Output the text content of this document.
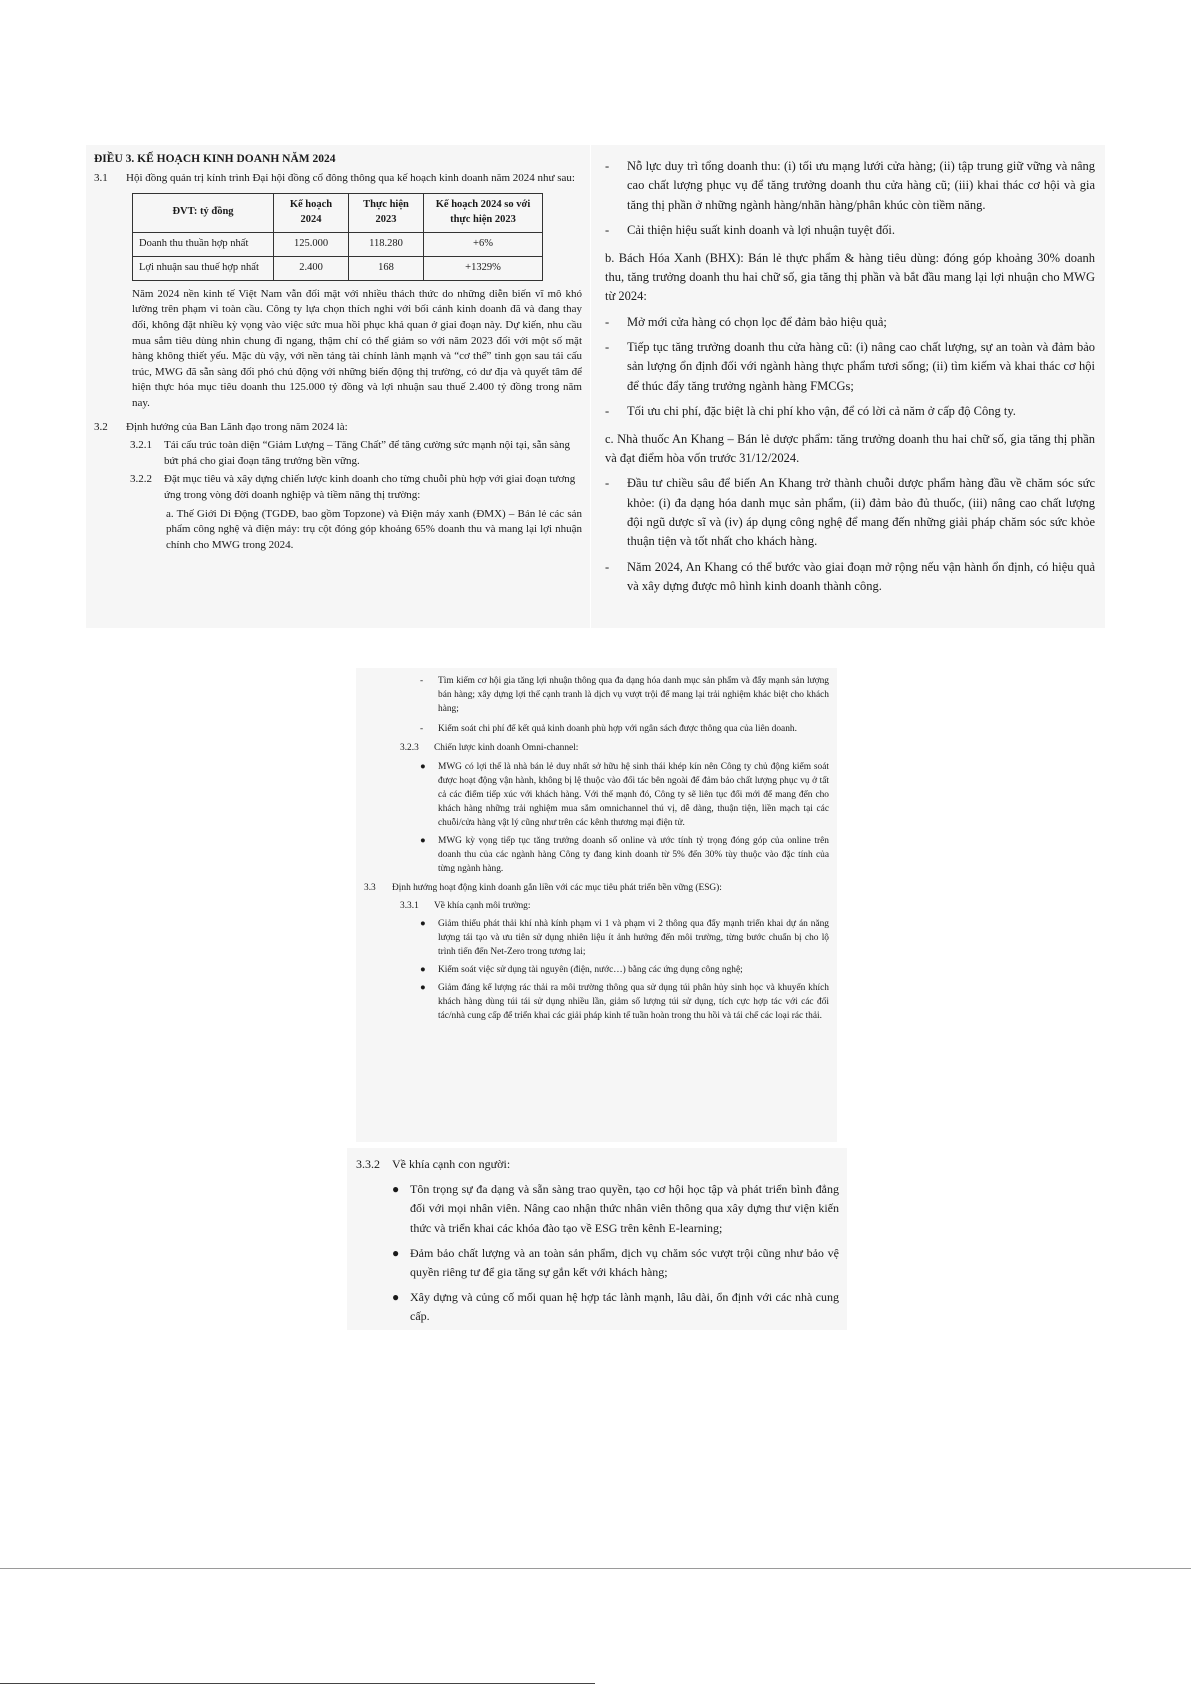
ĐIỀU 3. KẾ HOẠCH KINH DOANH NĂM 2024

3.1	Hội đồng quản trị kính trình Đại hội đồng cổ đông thông qua kế hoạch kinh doanh năm 2024 như sau:
ĐVT: tỷ đồng	Kế hoạch 2024	Thực hiện 2023	Kế hoạch 2024 so với thực hiện 2023
Doanh thu thuần hợp nhất	125.000	118.280	+6%
Lợi nhuận sau thuế hợp nhất	2.400	168	+1329%

Năm 2024 nền kinh tế Việt Nam vẫn đối mặt với nhiều thách thức do những diễn biến vĩ mô khó lường trên phạm vi toàn cầu. Công ty lựa chọn thích nghi với bối cảnh kinh doanh đã và đang thay đổi, không đặt nhiều kỳ vọng vào việc sức mua hồi phục khả quan ở giai đoạn này. Dự kiến, nhu cầu mua sắm tiêu dùng nhìn chung đi ngang, thậm chí có thể giảm so với năm 2023 đối với một số mặt hàng không thiết yếu. Mặc dù vậy, với nền tảng tài chính lành mạnh và “cơ thể” tinh gọn sau tái cấu trúc, MWG đã sẵn sàng đối phó chủ động với những biến động thị trường, có dư địa và quyết tâm để hiện thực hóa mục tiêu doanh thu 125.000 tỷ đồng và lợi nhuận sau thuế 2.400 tỷ đồng trong năm nay.

3.2	Định hướng của Ban Lãnh đạo trong năm 2024 là:
3.2.1	Tái cấu trúc toàn diện “Giảm Lượng – Tăng Chất” để tăng cường sức mạnh nội tại, sẵn sàng bứt phá cho giai đoạn tăng trưởng bền vững.
3.2.2	Đặt mục tiêu và xây dựng chiến lược kinh doanh cho từng chuỗi phù hợp với giai đoạn tương ứng trong vòng đời doanh nghiệp và tiềm năng thị trường:

a. Thế Giới Di Động (TGDĐ, bao gồm Topzone) và Điện máy xanh (ĐMX) – Bán lẻ các sản phẩm công nghệ và điện máy: trụ cột đóng góp khoảng 65% doanh thu và mang lại lợi nhuận chính cho MWG trong 2024.

-	Nỗ lực duy trì tổng doanh thu: (i) tối ưu mạng lưới cửa hàng; (ii) tập trung giữ vững và nâng cao chất lượng phục vụ để tăng trưởng doanh thu cửa hàng cũ; (iii) khai thác cơ hội và gia tăng thị phần ở những ngành hàng/nhãn hàng/phân khúc còn tiềm năng.
-	Cải thiện hiệu suất kinh doanh và lợi nhuận tuyệt đối.

b. Bách Hóa Xanh (BHX): Bán lẻ thực phẩm & hàng tiêu dùng: đóng góp khoảng 30% doanh thu, tăng trưởng doanh thu hai chữ số, gia tăng thị phần và bắt đầu mang lại lợi nhuận cho MWG từ 2024:

-	Mở mới cửa hàng có chọn lọc để đảm bảo hiệu quả;
-	Tiếp tục tăng trưởng doanh thu cửa hàng cũ: (i) nâng cao chất lượng, sự an toàn và đảm bảo sản lượng ổn định đối với ngành hàng thực phẩm tươi sống; (ii) tìm kiếm và khai thác cơ hội để thúc đẩy tăng trưởng ngành hàng FMCGs;
-	Tối ưu chi phí, đặc biệt là chi phí kho vận, để có lời cả năm ở cấp độ Công ty.

c. Nhà thuốc An Khang – Bán lẻ dược phẩm: tăng trưởng doanh thu hai chữ số, gia tăng thị phần và đạt điểm hòa vốn trước 31/12/2024.

-	Đầu tư chiều sâu để biến An Khang trở thành chuỗi dược phẩm hàng đầu về chăm sóc sức khỏe: (i) đa dạng hóa danh mục sản phẩm, (ii) đảm bảo đủ thuốc, (iii) nâng cao chất lượng đội ngũ dược sĩ và (iv) áp dụng công nghệ để mang đến những giải pháp chăm sóc sức khỏe thuận tiện và tốt nhất cho khách hàng.
-	Năm 2024, An Khang có thể bước vào giai đoạn mở rộng nếu vận hành ổn định, có hiệu quả và xây dựng được mô hình kinh doanh thành công.
-	Tìm kiếm cơ hội gia tăng lợi nhuận thông qua đa dạng hóa danh mục sản phẩm và đẩy mạnh sản lượng bán hàng; xây dựng lợi thế cạnh tranh là dịch vụ vượt trội để mang lại trải nghiệm khác biệt cho khách hàng;
-	Kiểm soát chi phí để kết quả kinh doanh phù hợp với ngân sách được thông qua của liên doanh.
3.2.3	Chiến lược kinh doanh Omni-channel:
●	MWG có lợi thế là nhà bán lẻ duy nhất sở hữu hệ sinh thái khép kín nên Công ty chủ động kiểm soát được hoạt động vận hành, không bị lệ thuộc vào đối tác bên ngoài để đảm bảo chất lượng phục vụ ở tất cả các điểm tiếp xúc với khách hàng. Với thế mạnh đó, Công ty sẽ liên tục đổi mới để mang đến cho khách hàng những trải nghiệm mua sắm omnichannel thú vị, dễ dàng, thuận tiện, liền mạch tại các chuỗi/cửa hàng vật lý cũng như trên các kênh thương mại điện tử.
●	MWG kỳ vọng tiếp tục tăng trưởng doanh số online và ước tính tỷ trọng đóng góp của online trên doanh thu của các ngành hàng Công ty đang kinh doanh từ 5% đến 30% tùy thuộc vào đặc tính của từng ngành hàng.
3.3	Định hướng hoạt động kinh doanh gắn liền với các mục tiêu phát triển bền vững (ESG):
3.3.1	Về khía cạnh môi trường:
●	Giảm thiểu phát thải khí nhà kính phạm vi 1 và phạm vi 2 thông qua đẩy mạnh triển khai dự án năng lượng tái tạo và ưu tiên sử dụng nhiên liệu ít ảnh hưởng đến môi trường, từng bước chuẩn bị cho lộ trình tiến đến Net-Zero trong tương lai;
●	Kiểm soát việc sử dụng tài nguyên (điện, nước…) bằng các ứng dụng công nghệ;
●	Giảm đáng kể lượng rác thải ra môi trường thông qua sử dụng túi phân hủy sinh học và khuyến khích khách hàng dùng túi tái sử dụng nhiều lần, giảm số lượng túi sử dụng, tích cực hợp tác với các đối tác/nhà cung cấp để triển khai các giải pháp kinh tế tuần hoàn trong thu hồi và tái chế các loại rác thải.
3.3.2	Về khía cạnh con người:
● Tôn trọng sự đa dạng và sẵn sàng trao quyền, tạo cơ hội học tập và phát triển bình đẳng đối với mọi nhân viên. Nâng cao nhận thức nhân viên thông qua xây dựng thư viện kiến thức và triển khai các khóa đào tạo về ESG trên kênh E-learning;
● Đảm bảo chất lượng và an toàn sản phẩm, dịch vụ chăm sóc vượt trội cũng như bảo vệ quyền riêng tư để gia tăng sự gắn kết với khách hàng;
● Xây dựng và củng cố mối quan hệ hợp tác lành mạnh, lâu dài, ổn định với các nhà cung cấp.
